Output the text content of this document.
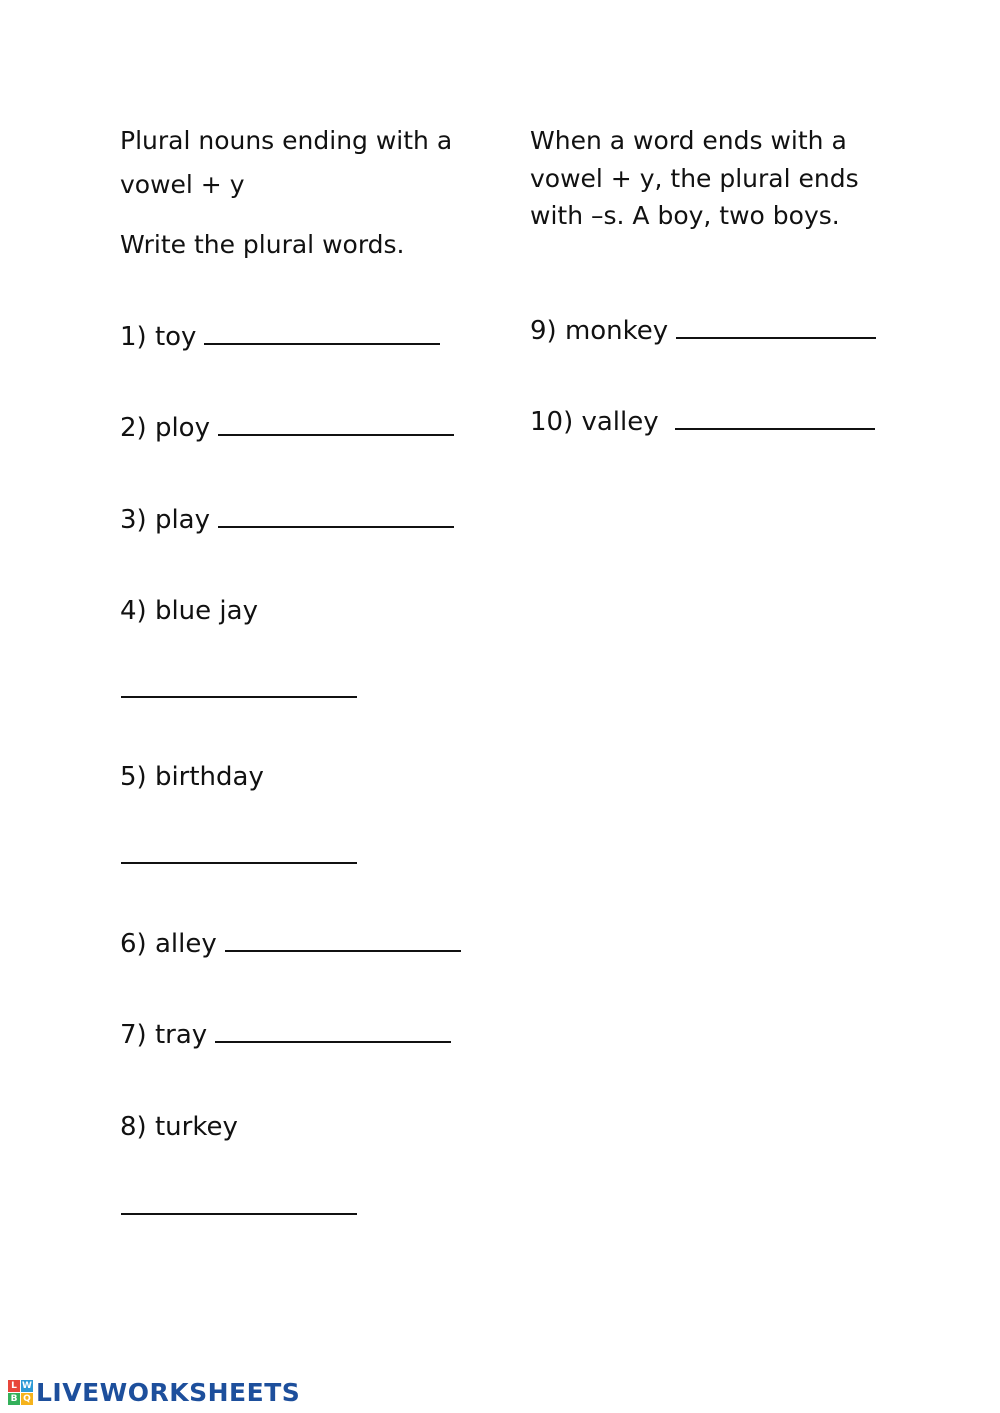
Plural nouns ending with a
vowel + y
Write the plural words.
When a word ends with a
vowel + y, the plural ends
with –s. A boy, two boys.
1) toy
2) ploy
3) play
4) blue jay
5) birthday
6) alley
7) tray
8) turkey
9) monkey
10) valley
L W
B Q LIVEWORKSHEETS
